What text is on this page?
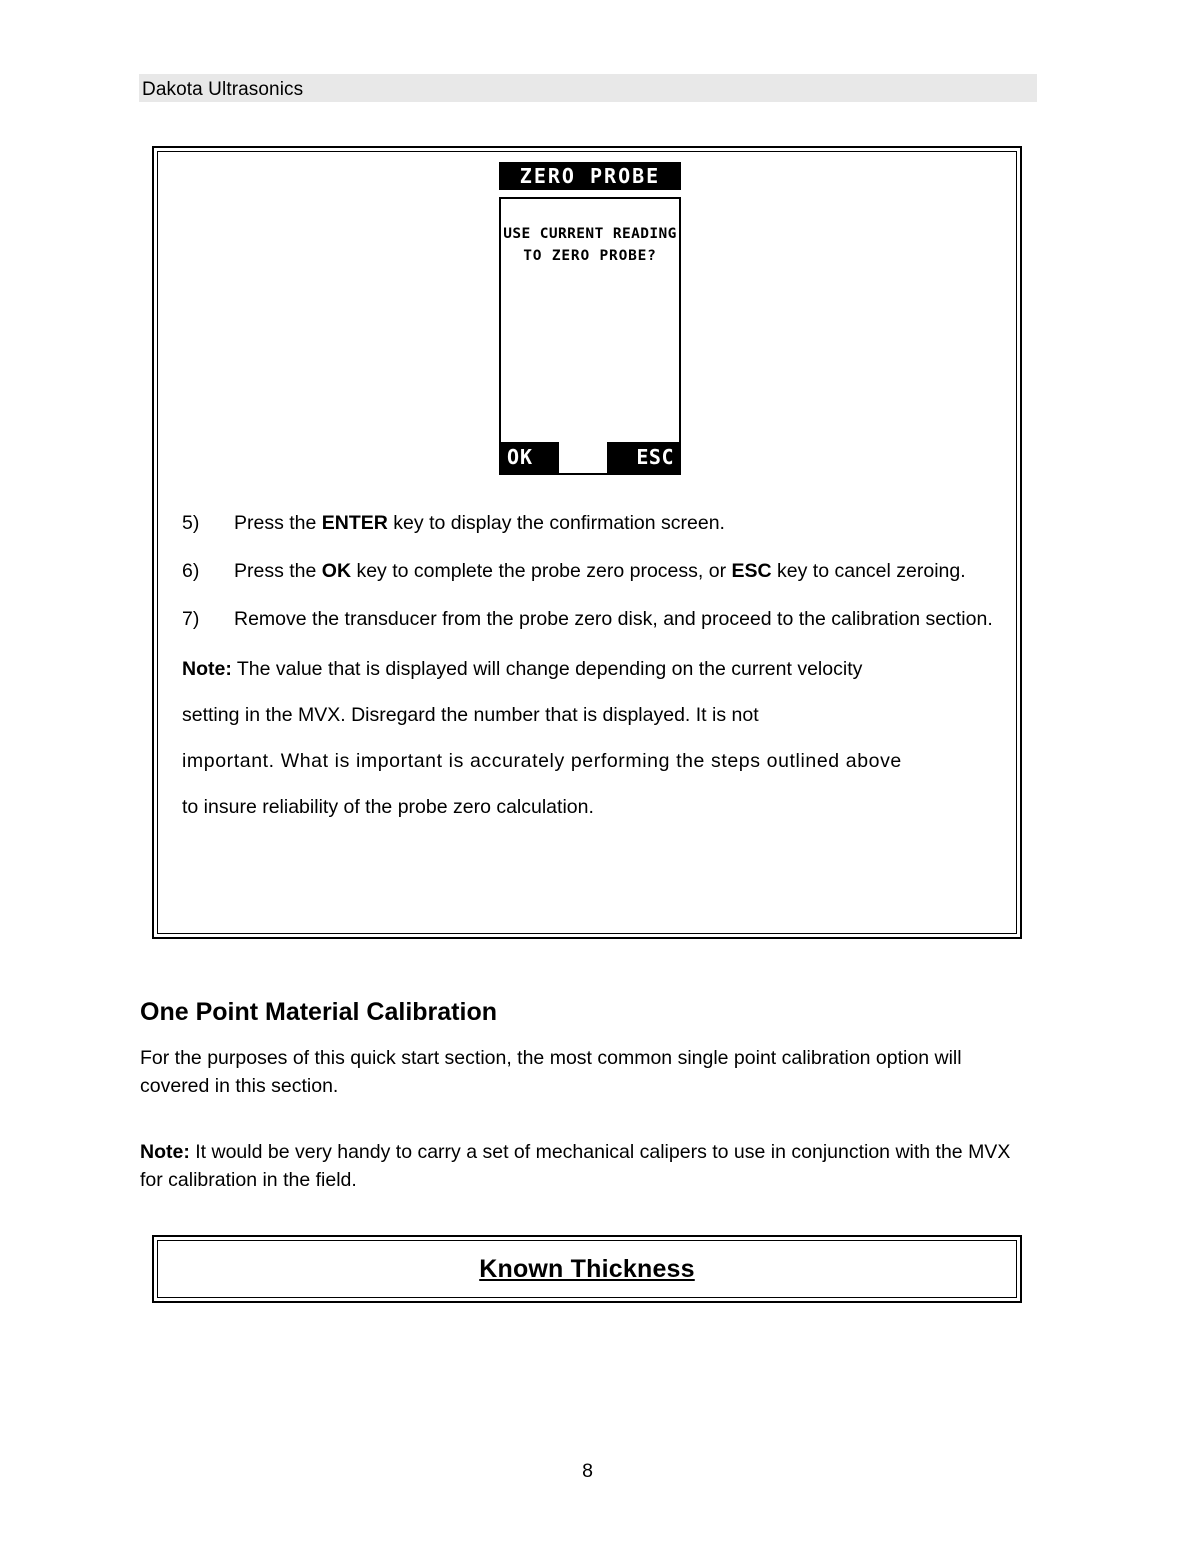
Dakota Ultrasonics
ZERO PROBE
USE CURRENT READING
TO ZERO PROBE?
OK	ESC
5)	Press the ENTER key to display the confirmation screen.
6)	Press the OK key to complete the probe zero process, or ESC key to cancel zeroing.
7)	Remove the transducer from the probe zero disk, and proceed to the calibration section.
Note: The value that is displayed will change depending on the current velocity
setting in the MVX. Disregard the number that is displayed. It is not
important. What is important is accurately performing the steps outlined above
to insure reliability of the probe zero calculation.
One Point Material Calibration
For the purposes of this quick start section, the most common single point calibration option will covered in this section.
Note: It would be very handy to carry a set of mechanical calipers to use in conjunction with the MVX for calibration in the field.
Known Thickness
8
